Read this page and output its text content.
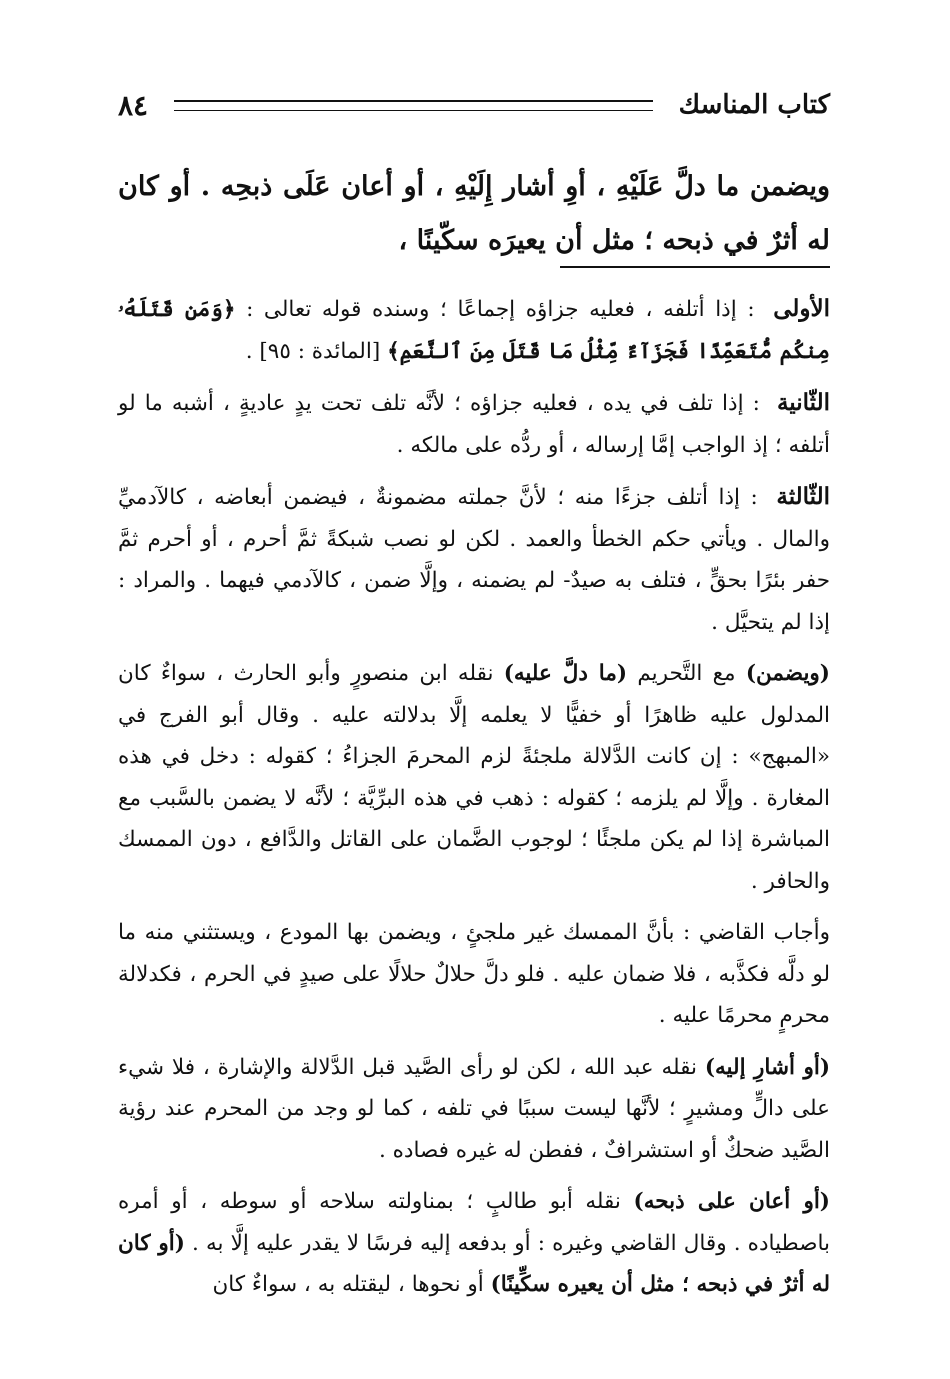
كتاب المناسك
٨٤
ويضمن ما دلَّ عَلَيْهِ ، أوِ أشار إِلَيْهِ ، أو أعان عَلَى ذبحِه . أو كان له أثرٌ في ذبحه ؛ مثل أن يعيرَه سكّينًا ،

الأولى : إذا أتلفه ، فعليه جزاؤه إجماعًا ؛ وسنده قوله تعالى : ﴿وَمَن قَتَلَهُۥ مِنكُم مُّتَعَمِّدًا فَجَزَآءٌ مِّثْلُ مَا قَتَلَ مِنَ ٱلنَّعَمِ﴾ [المائدة : ٩٥] .

الثّانية : إذا تلف في يده ، فعليه جزاؤه ؛ لأنَّه تلف تحت يدٍ عاديةٍ ، أشبه ما لو أتلفه ؛ إذ الواجب إمَّا إرساله ، أو ردُّه على مالكه .

الثّالثة : إذا أتلف جزءًا منه ؛ لأنَّ جملته مضمونةٌ ، فيضمن أبعاضه ، كالآدميِّ والمال . ويأتي حكم الخطأ والعمد . لكن لو نصب شبكةً ثمَّ أحرم ، أو أحرم ثمَّ حفر بئرًا بحقٍّ ، فتلف به صيدٌ- لم يضمنه ، وإلَّا ضمن ، كالآدمي فيهما . والمراد : إذا لم يتحيَّل .

(ويضمن) مع التَّحريم (ما دلَّ عليه) نقله ابن منصورٍ وأبو الحارث ، سواءٌ كان المدلول عليه ظاهرًا أو خفيًّا لا يعلمه إلَّا بدلالته عليه . وقال أبو الفرج في «المبهج» : إن كانت الدَّلالة ملجئةً لزم المحرمَ الجزاءُ ؛ كقوله : دخل في هذه المغارة . وإلَّا لم يلزمه ؛ كقوله : ذهب في هذه البرِّيَّة ؛ لأنَّه لا يضمن بالسَّبب مع المباشرة إذا لم يكن ملجئًا ؛ لوجوب الضَّمان على القاتل والدَّافع ، دون الممسك والحافر .

وأجاب القاضي : بأنَّ الممسك غير ملجئٍ ، ويضمن بها المودع ، ويستثني منه ما لو دلَّه فكذَّبه ، فلا ضمان عليه . فلو دلَّ حلالٌ حلالًا على صيدٍ في الحرم ، فكدلالة محرمٍ محرمًا عليه .

(أو أشارِ إليه) نقله عبد الله ، لكن لو رأى الصَّيد قبل الدَّلالة والإشارة ، فلا شيء على دالٍّ ومشيرٍ ؛ لأنَّها ليست سببًا في تلفه ، كما لو وجد من المحرم عند رؤية الصَّيد ضحكٌ أو استشرافٌ ، ففطن له غيره فصاده .

(أو أعان على ذبحه) نقله أبو طالبٍ ؛ بمناولته سلاحه أو سوطه ، أو أمره باصطياده . وقال القاضي وغيره : أو بدفعه إليه فرسًا لا يقدر عليه إلَّا به . (أو كان له أثرٌ في ذبحه ؛ مثل أن يعيره سكِّينًا) أو نحوها ، ليقتله به ، سواءٌ كان
